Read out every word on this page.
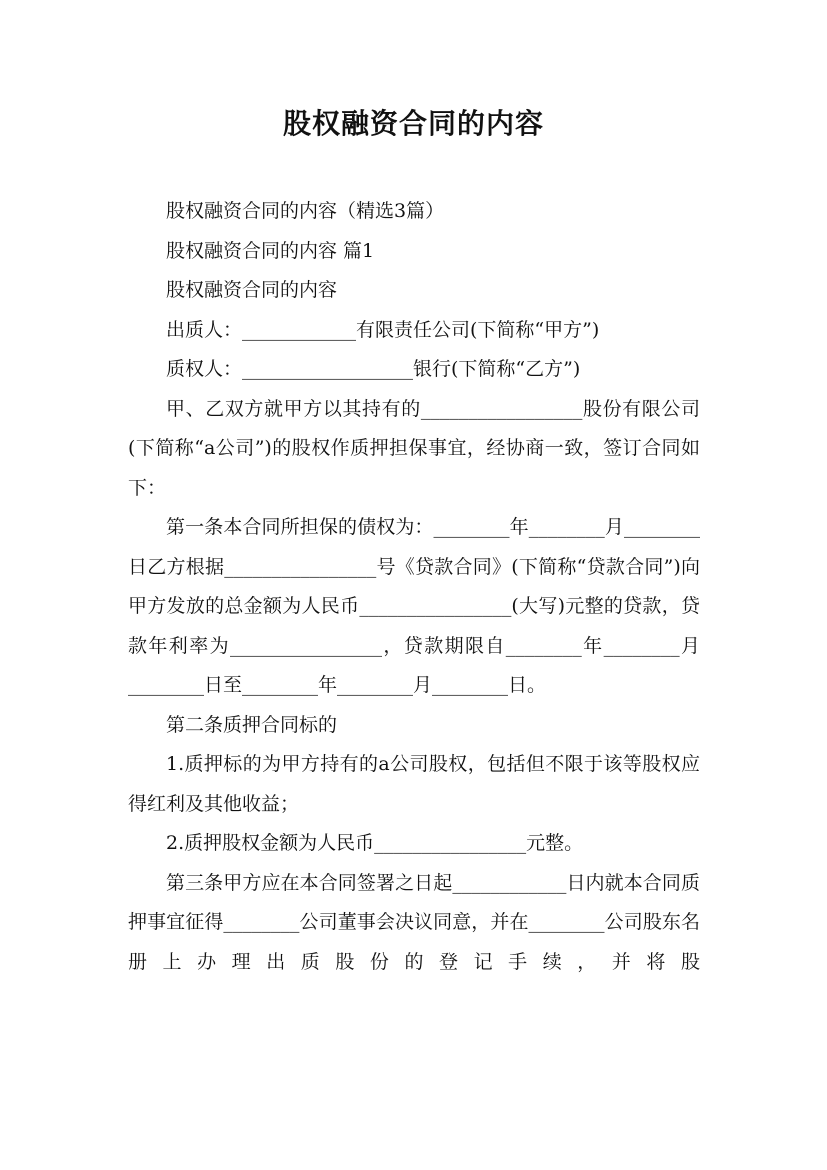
股权融资合同的内容

股权融资合同的内容（精选3篇）

股权融资合同的内容 篇1

股权融资合同的内容

出质人：____________有限责任公司(下简称“甲方”)

质权人：__________________银行(下简称“乙方”)

甲、乙双方就甲方以其持有的_________________股份有限公司(下简称“a公司”)的股权作质押担保事宜，经协商一致，签订合同如下：

第一条本合同所担保的债权为：________年________月________日乙方根据________________号《贷款合同》(下简称“贷款合同”)向甲方发放的总金额为人民币________________(大写)元整的贷款，贷款年利率为________________，贷款期限自________年________月________日至________年________月________日。

第二条质押合同标的

1.质押标的为甲方持有的a公司股权，包括但不限于该等股权应得红利及其他收益；

2.质押股权金额为人民币________________元整。

第三条甲方应在本合同签署之日起____________日内就本合同质押事宜征得________公司董事会决议同意，并在________公司股东名册上办理出质股份的登记手续，并将股
